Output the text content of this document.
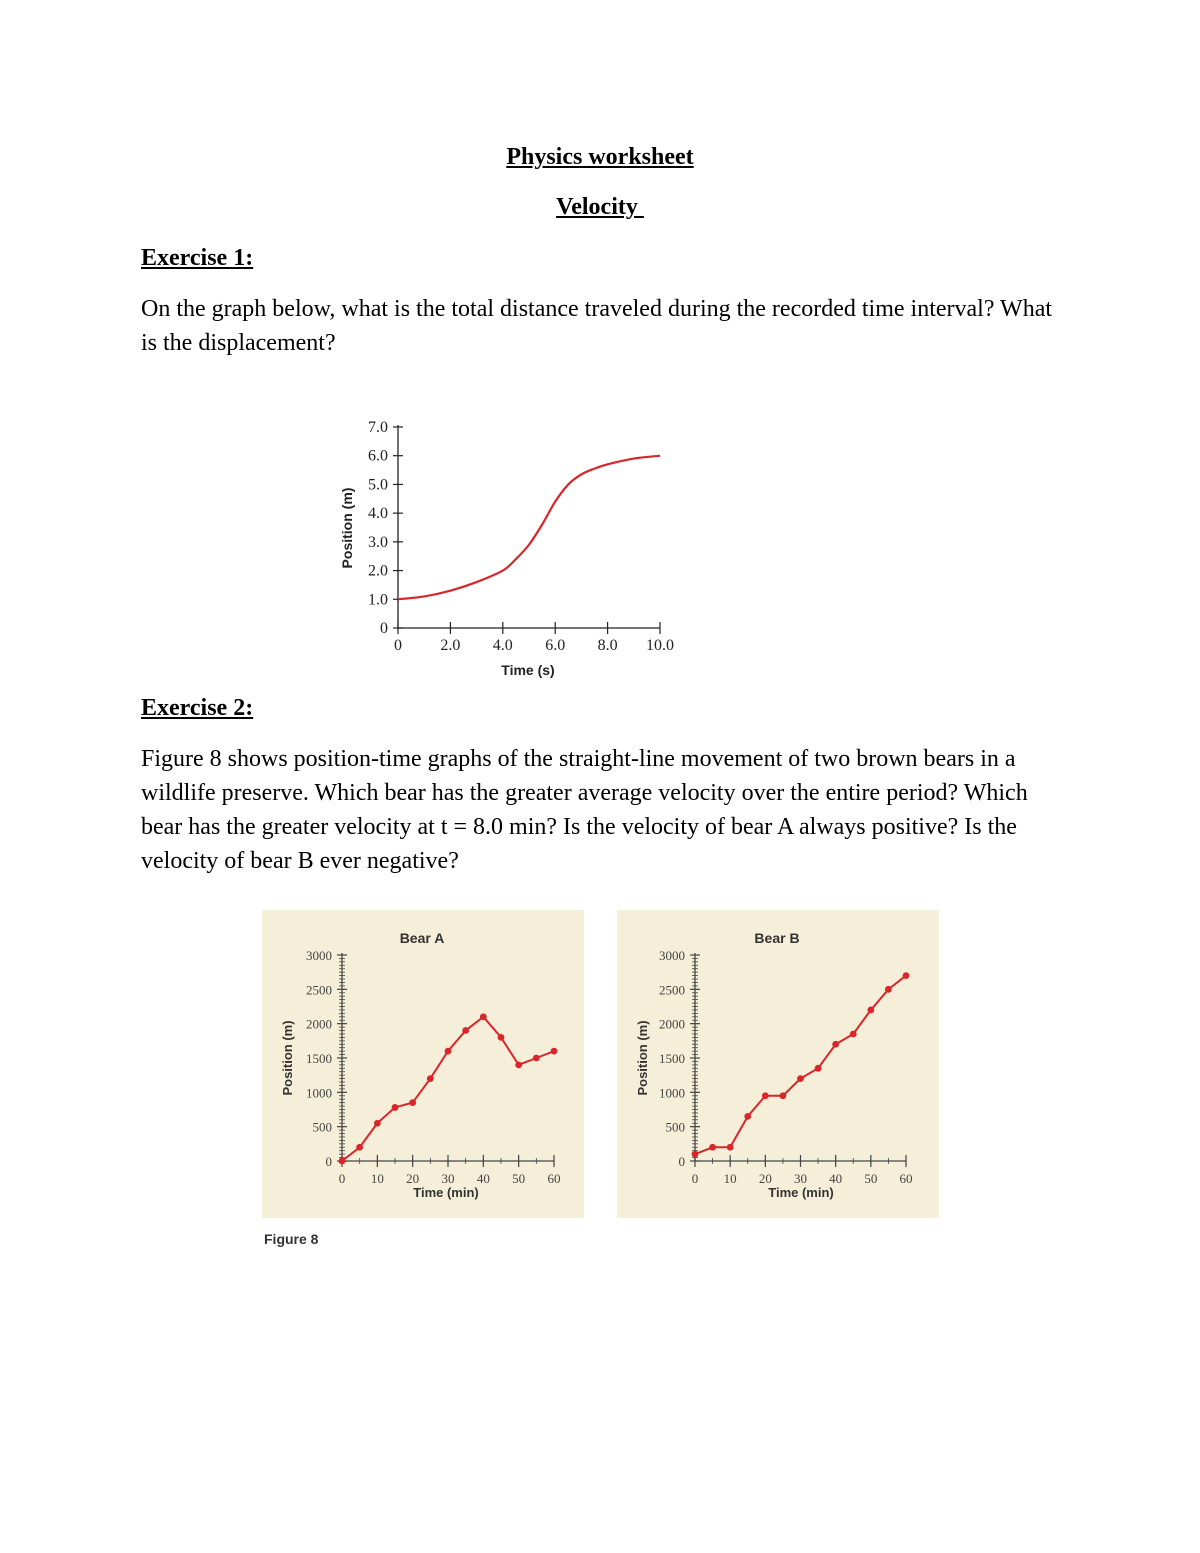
Physics worksheet
Velocity
Exercise 1:
On the graph below, what is the total distance traveled during the recorded time interval? What is the displacement?
0
1.0
2.0
3.0
4.0
5.0
6.0
7.0
0 2.0 4.0 6.0 8.0 10.0
Position (m)
Time (s)
Exercise 2:
Figure 8 shows position-time graphs of the straight-line movement of two brown bears in a wildlife preserve. Which bear has the greater average velocity over the entire period? Which bear has the greater velocity at t = 8.0 min? Is the velocity of bear A always positive? Is the velocity of bear B ever negative?
0
500
1000
1500
2000
2500
3000
0 10 20 30 40 50 60
Bear A
Position (m)
Time (min)
0
500
1000
1500
2000
2500
3000
0 10 20 30 40 50 60
Bear B
Position (m)
Time (min)
Figure 8
